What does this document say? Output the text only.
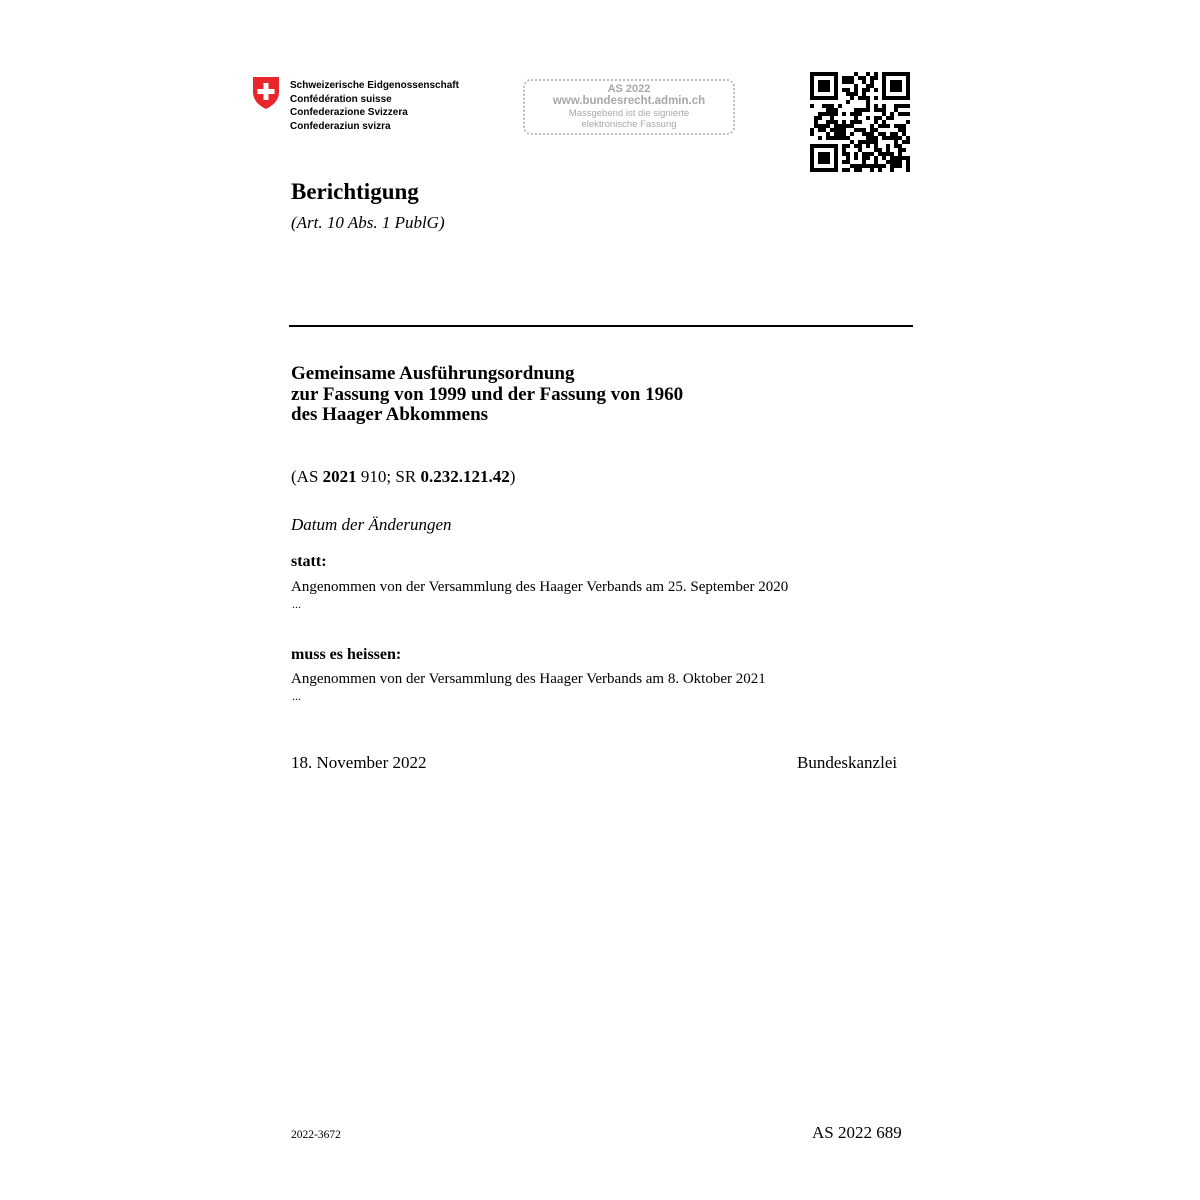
Schweizerische Eidgenossenschaft
Confédération suisse
Confederazione Svizzera
Confederaziun svizra
AS 2022
www.bundesrecht.admin.ch
Massgebend ist die signierte
elektronische Fassung
Berichtigung
(Art. 10 Abs. 1 PublG)
Gemeinsame Ausführungsordnung
zur Fassung von 1999 und der Fassung von 1960
des Haager Abkommens
(AS 2021 910; SR 0.232.121.42)
Datum der Änderungen
statt:
Angenommen von der Versammlung des Haager Verbands am 25. September 2020
...
muss es heissen:
Angenommen von der Versammlung des Haager Verbands am 8. Oktober 2021
...
18. November 2022	Bundeskanzlei
2022-3672	AS 2022 689
